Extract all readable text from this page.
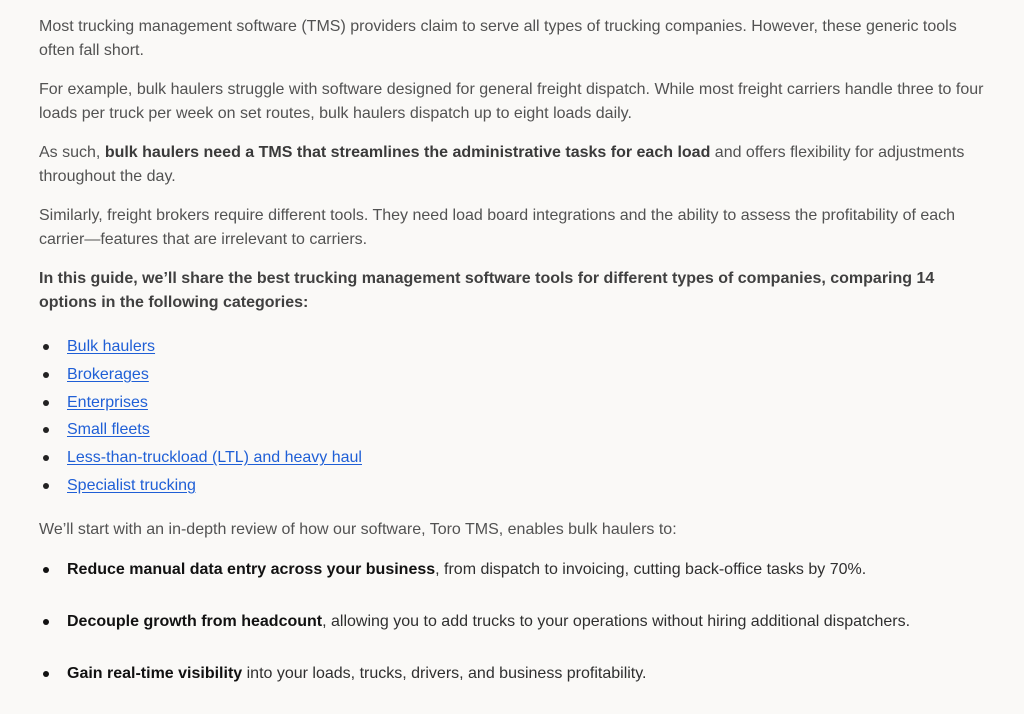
Most trucking management software (TMS) providers claim to serve all types of trucking companies. However, these generic tools often fall short.

For example, bulk haulers struggle with software designed for general freight dispatch. While most freight carriers handle three to four loads per truck per week on set routes, bulk haulers dispatch up to eight loads daily.

As such, bulk haulers need a TMS that streamlines the administrative tasks for each load and offers flexibility for adjustments throughout the day.

Similarly, freight brokers require different tools. They need load board integrations and the ability to assess the profitability of each carrier—features that are irrelevant to carriers.

In this guide, we’ll share the best trucking management software tools for different types of companies, comparing 14 options in the following categories:

Bulk haulers
Brokerages
Enterprises
Small fleets
Less-than-truckload (LTL) and heavy haul
Specialist trucking

We’ll start with an in-depth review of how our software, Toro TMS, enables bulk haulers to:

Reduce manual data entry across your business, from dispatch to invoicing, cutting back-office tasks by 70%.
Decouple growth from headcount, allowing you to add trucks to your operations without hiring additional dispatchers.
Gain real-time visibility into your loads, trucks, drivers, and business profitability.
